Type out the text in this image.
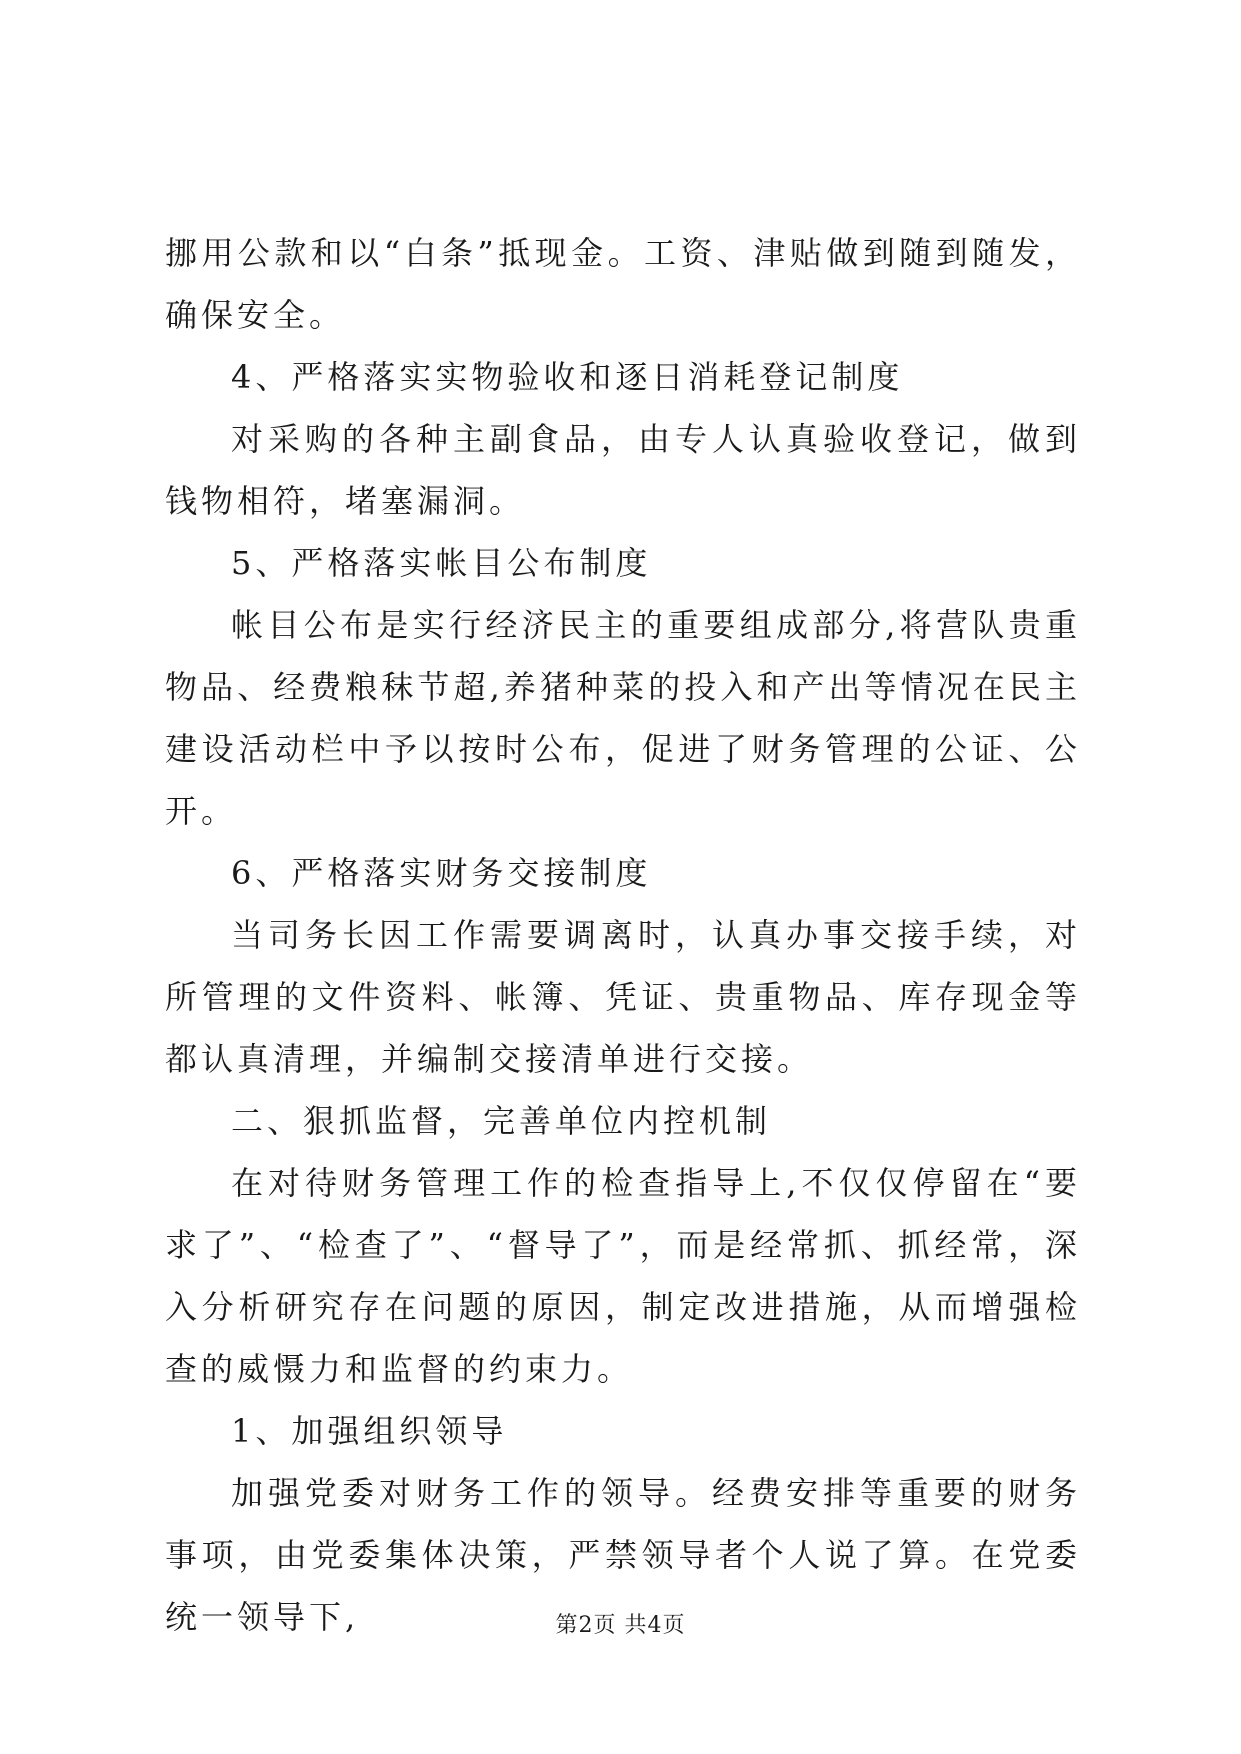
挪用公款和以“白条”抵现金。工资、津贴做到随到随发，确保安全。

4、严格落实实物验收和逐日消耗登记制度

对采购的各种主副食品，由专人认真验收登记，做到钱物相符，堵塞漏洞。

5、严格落实帐目公布制度

帐目公布是实行经济民主的重要组成部分,将营队贵重物品、经费粮秣节超,养猪种菜的投入和产出等情况在民主建设活动栏中予以按时公布，促进了财务管理的公证、公开。

6、严格落实财务交接制度

当司务长因工作需要调离时，认真办事交接手续，对所管理的文件资料、帐簿、凭证、贵重物品、库存现金等都认真清理，并编制交接清单进行交接。

二、狠抓监督，完善单位内控机制

在对待财务管理工作的检查指导上,不仅仅停留在“要求了”、“检查了”、“督导了”，而是经常抓、抓经常，深入分析研究存在问题的原因，制定改进措施，从而增强检查的威慑力和监督的约束力。

1、加强组织领导

加强党委对财务工作的领导。经费安排等重要的财务事项，由党委集体决策，严禁领导者个人说了算。在党委统一领导下,	第2页 共4页
